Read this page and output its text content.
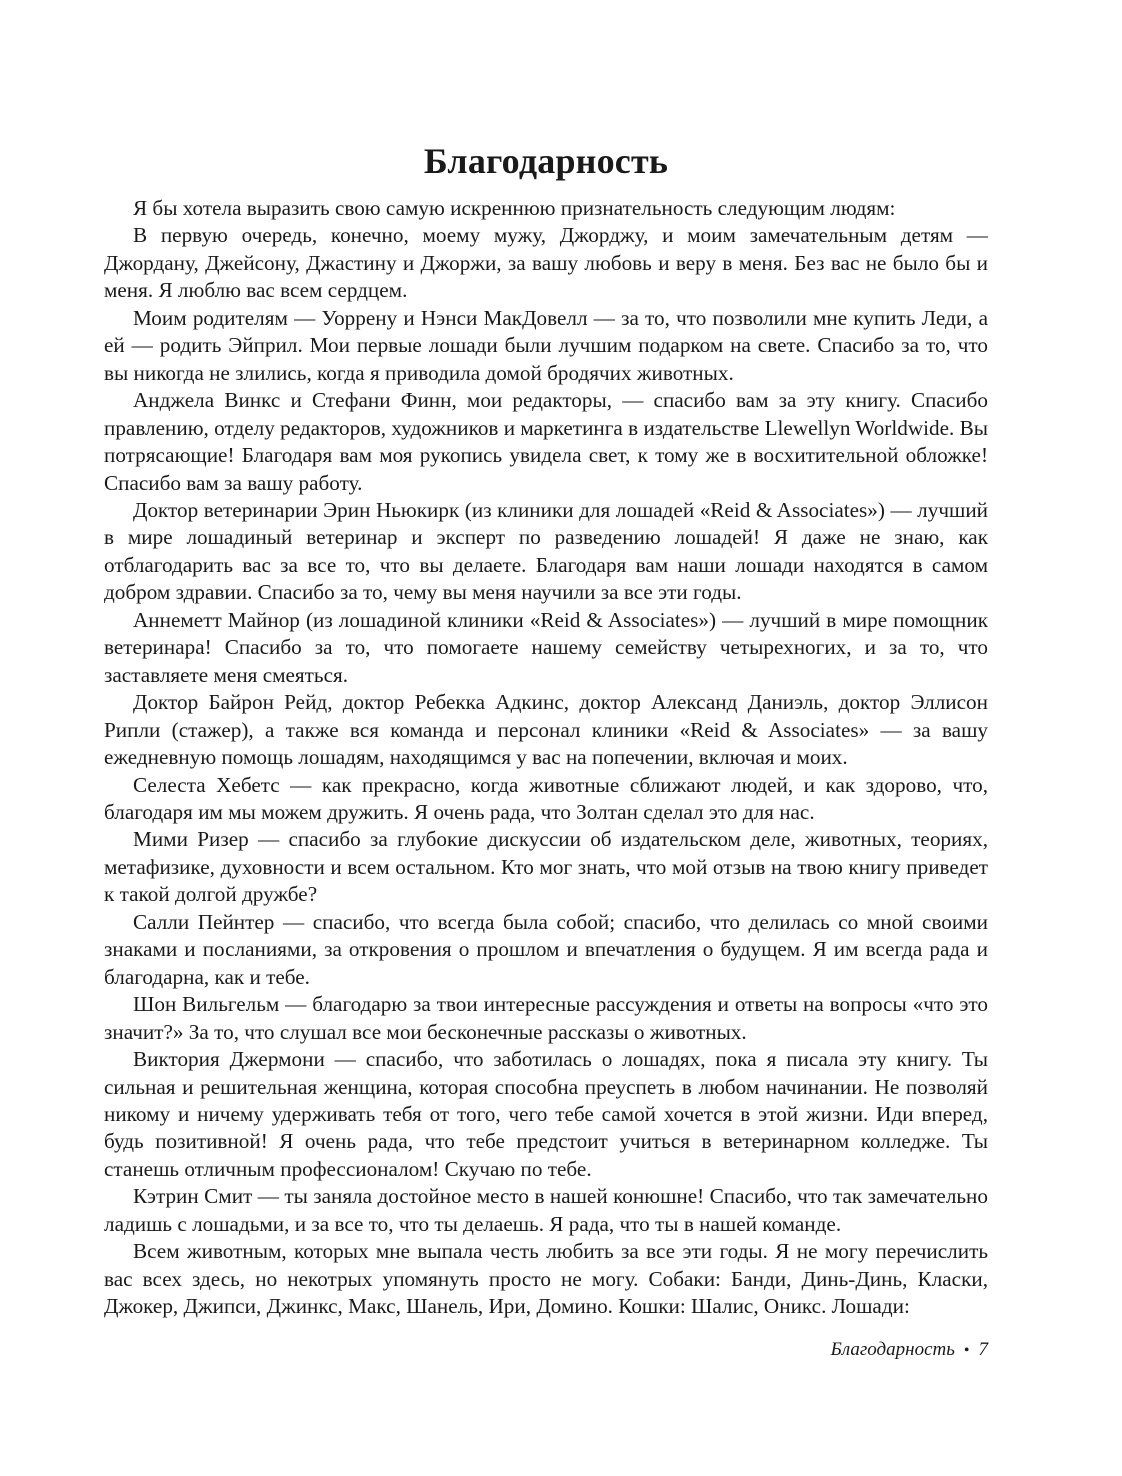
Благодарность

Я бы хотела выразить свою самую искреннюю признательность следующим людям:

В первую очередь, конечно, моему мужу, Джорджу, и моим замечательным детям — Джордану, Джейсону, Джастину и Джоржи, за вашу любовь и веру в меня. Без вас не было бы и меня. Я люблю вас всем сердцем.

Моим родителям — Уоррену и Нэнси МакДовелл — за то, что позволили мне купить Леди, а ей — родить Эйприл. Мои первые лошади были лучшим подарком на свете. Спасибо за то, что вы никогда не злились, когда я приводила домой бродячих животных.

Анджела Винкс и Стефани Финн, мои редакторы, — спасибо вам за эту книгу. Спасибо правлению, отделу редакторов, художников и маркетинга в издательстве Llewellyn Worldwide. Вы потрясающие! Благодаря вам моя рукопись увидела свет, к тому же в восхитительной обложке! Спасибо вам за вашу работу.

Доктор ветеринарии Эрин Ньюкирк (из клиники для лошадей «Reid & Associates») — лучший в мире лошадиный ветеринар и эксперт по разведению лошадей! Я даже не знаю, как отблагодарить вас за все то, что вы делаете. Благодаря вам наши лошади находятся в самом добром здравии. Спасибо за то, чему вы меня научили за все эти годы.

Аннеметт Майнор (из лошадиной клиники «Reid & Associates») — лучший в мире помощник ветеринара! Спасибо за то, что помогаете нашему семейству четырехногих, и за то, что заставляете меня смеяться.

Доктор Байрон Рейд, доктор Ребекка Адкинс, доктор Александ Даниэль, доктор Эллисон Рипли (стажер), а также вся команда и персонал клиники «Reid & Associates» — за вашу ежедневную помощь лошадям, находящимся у вас на попечении, включая и моих.

Селеста Хебетс — как прекрасно, когда животные сближают людей, и как здорово, что, благодаря им мы можем дружить. Я очень рада, что Золтан сделал это для нас.

Мими Ризер — спасибо за глубокие дискуссии об издательском деле, животных, теориях, метафизике, духовности и всем остальном. Кто мог знать, что мой отзыв на твою книгу приведет к такой долгой дружбе?

Салли Пейнтер — спасибо, что всегда была собой; спасибо, что делилась со мной своими знаками и посланиями, за откровения о прошлом и впечатления о будущем. Я им всегда рада и благодарна, как и тебе.

Шон Вильгельм — благодарю за твои интересные рассуждения и ответы на вопросы «что это значит?» За то, что слушал все мои бесконечные рассказы о животных.

Виктория Джермони — спасибо, что заботилась о лошадях, пока я писала эту книгу. Ты сильная и решительная женщина, которая способна преуспеть в любом начинании. Не позволяй никому и ничему удерживать тебя от того, чего тебе самой хочется в этой жизни. Иди вперед, будь позитивной! Я очень рада, что тебе предстоит учиться в ветеринарном колледже. Ты станешь отличным профессионалом! Скучаю по тебе.

Кэтрин Смит — ты заняла достойное место в нашей конюшне! Спасибо, что так замечательно ладишь с лошадьми, и за все то, что ты делаешь. Я рада, что ты в нашей команде.

Всем животным, которых мне выпала честь любить за все эти годы. Я не могу перечислить вас всех здесь, но некотрых упомянуть просто не могу. Собаки: Банди, Динь-Динь, Класки, Джокер, Джипси, Джинкс, Макс, Шанель, Ири, Домино. Кошки: Шалис, Оникс. Лошади:

Благодарность • 7
